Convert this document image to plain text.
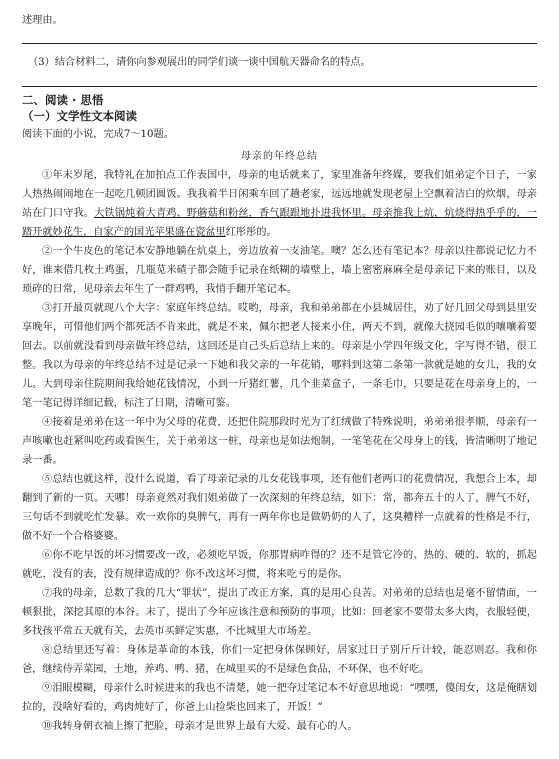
述理由。
（3）结合材料二，请你向参观展出的同学们谈一谈中国航天器命名的特点。
二、阅读 · 思悟
（一）文学性文本阅读
阅读下面的小说，完成7～10题。
母亲的年终总结

①年末岁尾，我特礼在加拍点工作表国中，母亲的电话就来了，家里准备年终媒，要我们姐弟定个日子，一家人热热闹闹地在一起吃几顿团圆饭。我我着半日闲乘车回了趟老家，远远地就发现老屋上空飘着洁白的炊烟，母亲站在门口守我。大铁锅炖着大青鸡、野蘑菇和粉丝，香气跟跟地扑进我怀里。母亲推我上炕，炕烧得热乎乎的，一踏开就妙花生，自家产的国光苹果盛在瓷盆里红彤彤的。

②一个牛皮色的笔记本安静地躺在炕桌上，旁边放着一支油笔。噢？怎么还有笔记本？母亲以往都说记忆力不好，谁来借几枚土鸡蛋，几瓶苋米碴子都会随手记录在纸糊的墙壁上，墙上密密麻麻全是母亲记下来的账目，以及琐碎的日常，见母亲去年生了一群鸡鸭，我悄手翻开笔记本。

③打开最页就现八个大字：家庭年终总结。哎哟，母亲，我和弟弟都在小县城居住，劝了好几回父母到县里安享晚年，可惜他们两个都死活不肯来此，就是不来，佩尔把老人接来小住，两天不到，就像大挠园毛似的嚷嚷着要回去。以前就没看到母亲做年终总结，这回还是自己头后总结上来的。母亲是小学四年级文化，字写得不错，很工整。我以为母亲的年终总结不过是记录一下她和我父亲的一年花销，哪料到这第二条第一款就是她的女儿，我的女儿。大到母亲住院期间我给她花钱情况，小到一斤猪红薯，几个韭菜盒子，一条毛巾，只要是花在母亲身上的，一笔一笔记得详细记载，标注了日期，清晰可鉴。

④接着是弟弟在这一年中为父母的花费，还把住院那段时光为了红绒做了特殊说明，弟弟弟很孝顺，母亲有一声咳嗽也赶紧叫吃药或看医生，关于弟弟这一桩，母亲也是如法炮制，一笔笔花在父母身上的钱，皆清晰明了地记录一番。

⑤总结也就这样，没什么说道，看了母亲记录的儿女花钱事项，还有他们老两口的花费情况，我想合上本，却翻到了新的一页。天哪！母亲竟然对我们姐弟做了一次深刻的年终总结，如下：常，都奔五十的人了，脾气不好，三句话不到就吃忙发暴。欢一欢你的臭脾气，再有一两年你也是做奶奶的人了，这臭糟样一点就着的性格是不行，做不好一个合格婆婆。

⑥你不吃早饭的坏习惯要改一改，必须吃早饭，你那胃病咋得的？还不是管它冷的、热的、硬的、软的，抓起就吃，没有的表，没有规律造成的？你不改这坏习惯，将来吃亏的是你。

⑦我的母亲，总数了我的几大“罪状”，提出了改正方案，真的是用心良苦。对弟弟的总结也是毫不留情面，一顿狠批，深挖其原的本谷。末了，提出了今年应该注意和预防的事项，比如：回老家不要带太多大肉，衣服轻便，多找孩平常五天就有关，去英市买鲜定实惠，不比城里大市场差。

⑧总结里还写着：身体是革命的本钱，你们一定把身体保顾好，居家过日子别斤斤计较，能忍则忍。我和你爸，继续侍弄菜园，土地，养鸡、鸭、猪，在城里买的不是绿色食品，不环保，也不好吃。

⑨泪眼模糊，母亲什么时候进来的我也不清楚，她一把夺过笔记本不好意思地说：“嘿嘿，傻闺女，这是俺瞎划拉的，没啥好看的，鸡肉炖好了，你爸上山捡柴也回来了，开饭！”

⑩我转身朝衣袖上擦了把脸，母亲才是世界上最有大爱、最有心的人。
